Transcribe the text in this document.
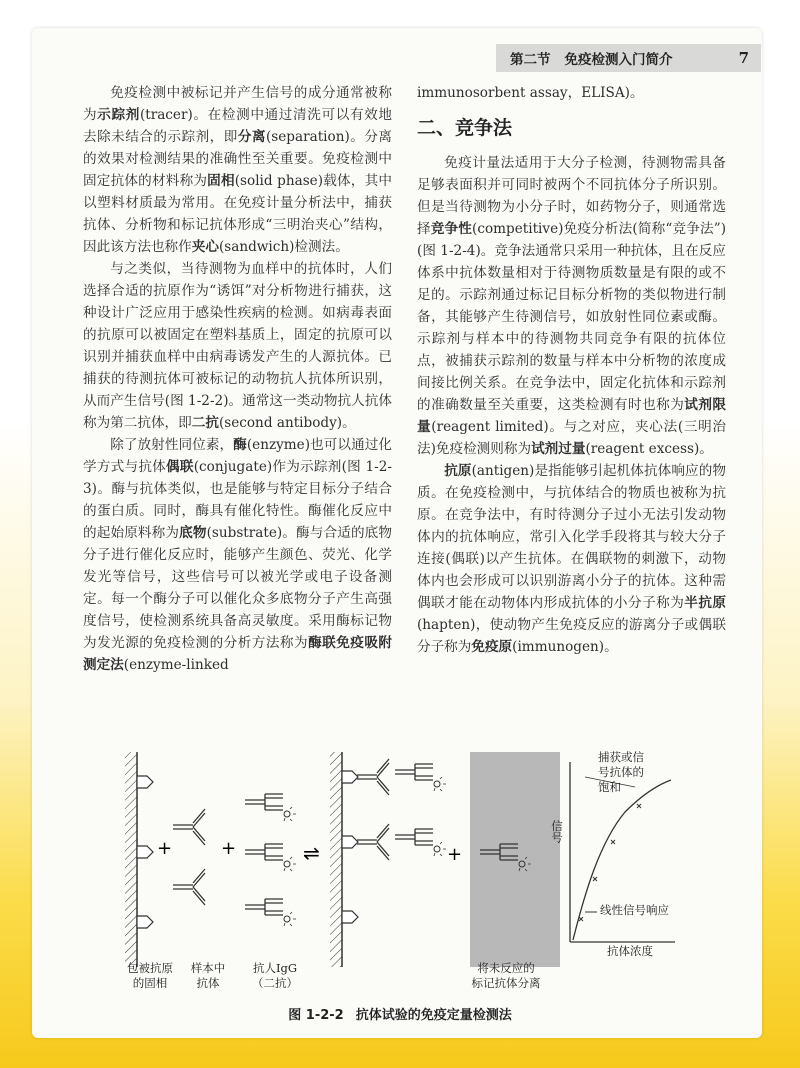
第二节 免疫检测入门简介	7

免疫检测中被标记并产生信号的成分通常被称为示踪剂(tracer)。在检测中通过清洗可以有效地去除未结合的示踪剂，即分离(separation)。分离的效果对检测结果的准确性至关重要。免疫检测中固定抗体的材料称为固相(solid phase)载体，其中以塑料材质最为常用。在免疫计量分析法中，捕获抗体、分析物和标记抗体形成“三明治夹心”结构，因此该方法也称作夹心(sandwich)检测法。

与之类似，当待测物为血样中的抗体时，人们选择合适的抗原作为“诱饵”对分析物进行捕获，这种设计广泛应用于感染性疾病的检测。如病毒表面的抗原可以被固定在塑料基质上，固定的抗原可以识别并捕获血样中由病毒诱发产生的人源抗体。已捕获的待测抗体可被标记的动物抗人抗体所识别，从而产生信号(图 1-2-2)。通常这一类动物抗人抗体称为第二抗体，即二抗(second antibody)。

除了放射性同位素，酶(enzyme)也可以通过化学方式与抗体偶联(conjugate)作为示踪剂(图 1-2-3)。酶与抗体类似，也是能够与特定目标分子结合的蛋白质。同时，酶具有催化特性。酶催化反应中的起始原料称为底物(substrate)。酶与合适的底物分子进行催化反应时，能够产生颜色、荧光、化学发光等信号，这些信号可以被光学或电子设备测定。每一个酶分子可以催化众多底物分子产生高强度信号，使检测系统具备高灵敏度。采用酶标记物为发光源的免疫检测的分析方法称为酶联免疫吸附测定法(enzyme-linked

immunosorbent assay，ELISA)。

二、竞争法

免疫计量法适用于大分子检测，待测物需具备足够表面积并可同时被两个不同抗体分子所识别。但是当待测物为小分子时，如药物分子，则通常选择竞争性(competitive)免疫分析法(简称“竞争法”)(图 1-2-4)。竞争法通常只采用一种抗体，且在反应体系中抗体数量相对于待测物质数量是有限的或不足的。示踪剂通过标记目标分析物的类似物进行制备，其能够产生待测信号，如放射性同位素或酶。示踪剂与样本中的待测物共同竞争有限的抗体位点，被捕获示踪剂的数量与样本中分析物的浓度成间接比例关系。在竞争法中，固定化抗体和示踪剂的准确数量至关重要，这类检测有时也称为试剂限量(reagent limited)。与之对应，夹心法(三明治法)免疫检测则称为试剂过量(reagent excess)。

抗原(antigen)是指能够引起机体抗体响应的物质。在免疫检测中，与抗体结合的物质也被称为抗原。在竞争法中，有时待测分子过小无法引发动物体内的抗体响应，常引入化学手段将其与较大分子连接(偶联)以产生抗体。在偶联物的刺激下，动物体内也会形成可以识别游离小分子的抗体。这种需偶联才能在动物体内形成抗体的小分子称为半抗原(hapten)，使动物产生免疫反应的游离分子或偶联分子称为免疫原(immunogen)。

+	+	⇌	+
包被抗原
的固相
样本中
抗体
抗人IgG
（二抗）
将未反应的
标记抗体分离
捕获或信
号抗体的
饱和
信号
线性信号响应
抗体浓度
图 1-2-2 抗体试验的免疫定量检测法
